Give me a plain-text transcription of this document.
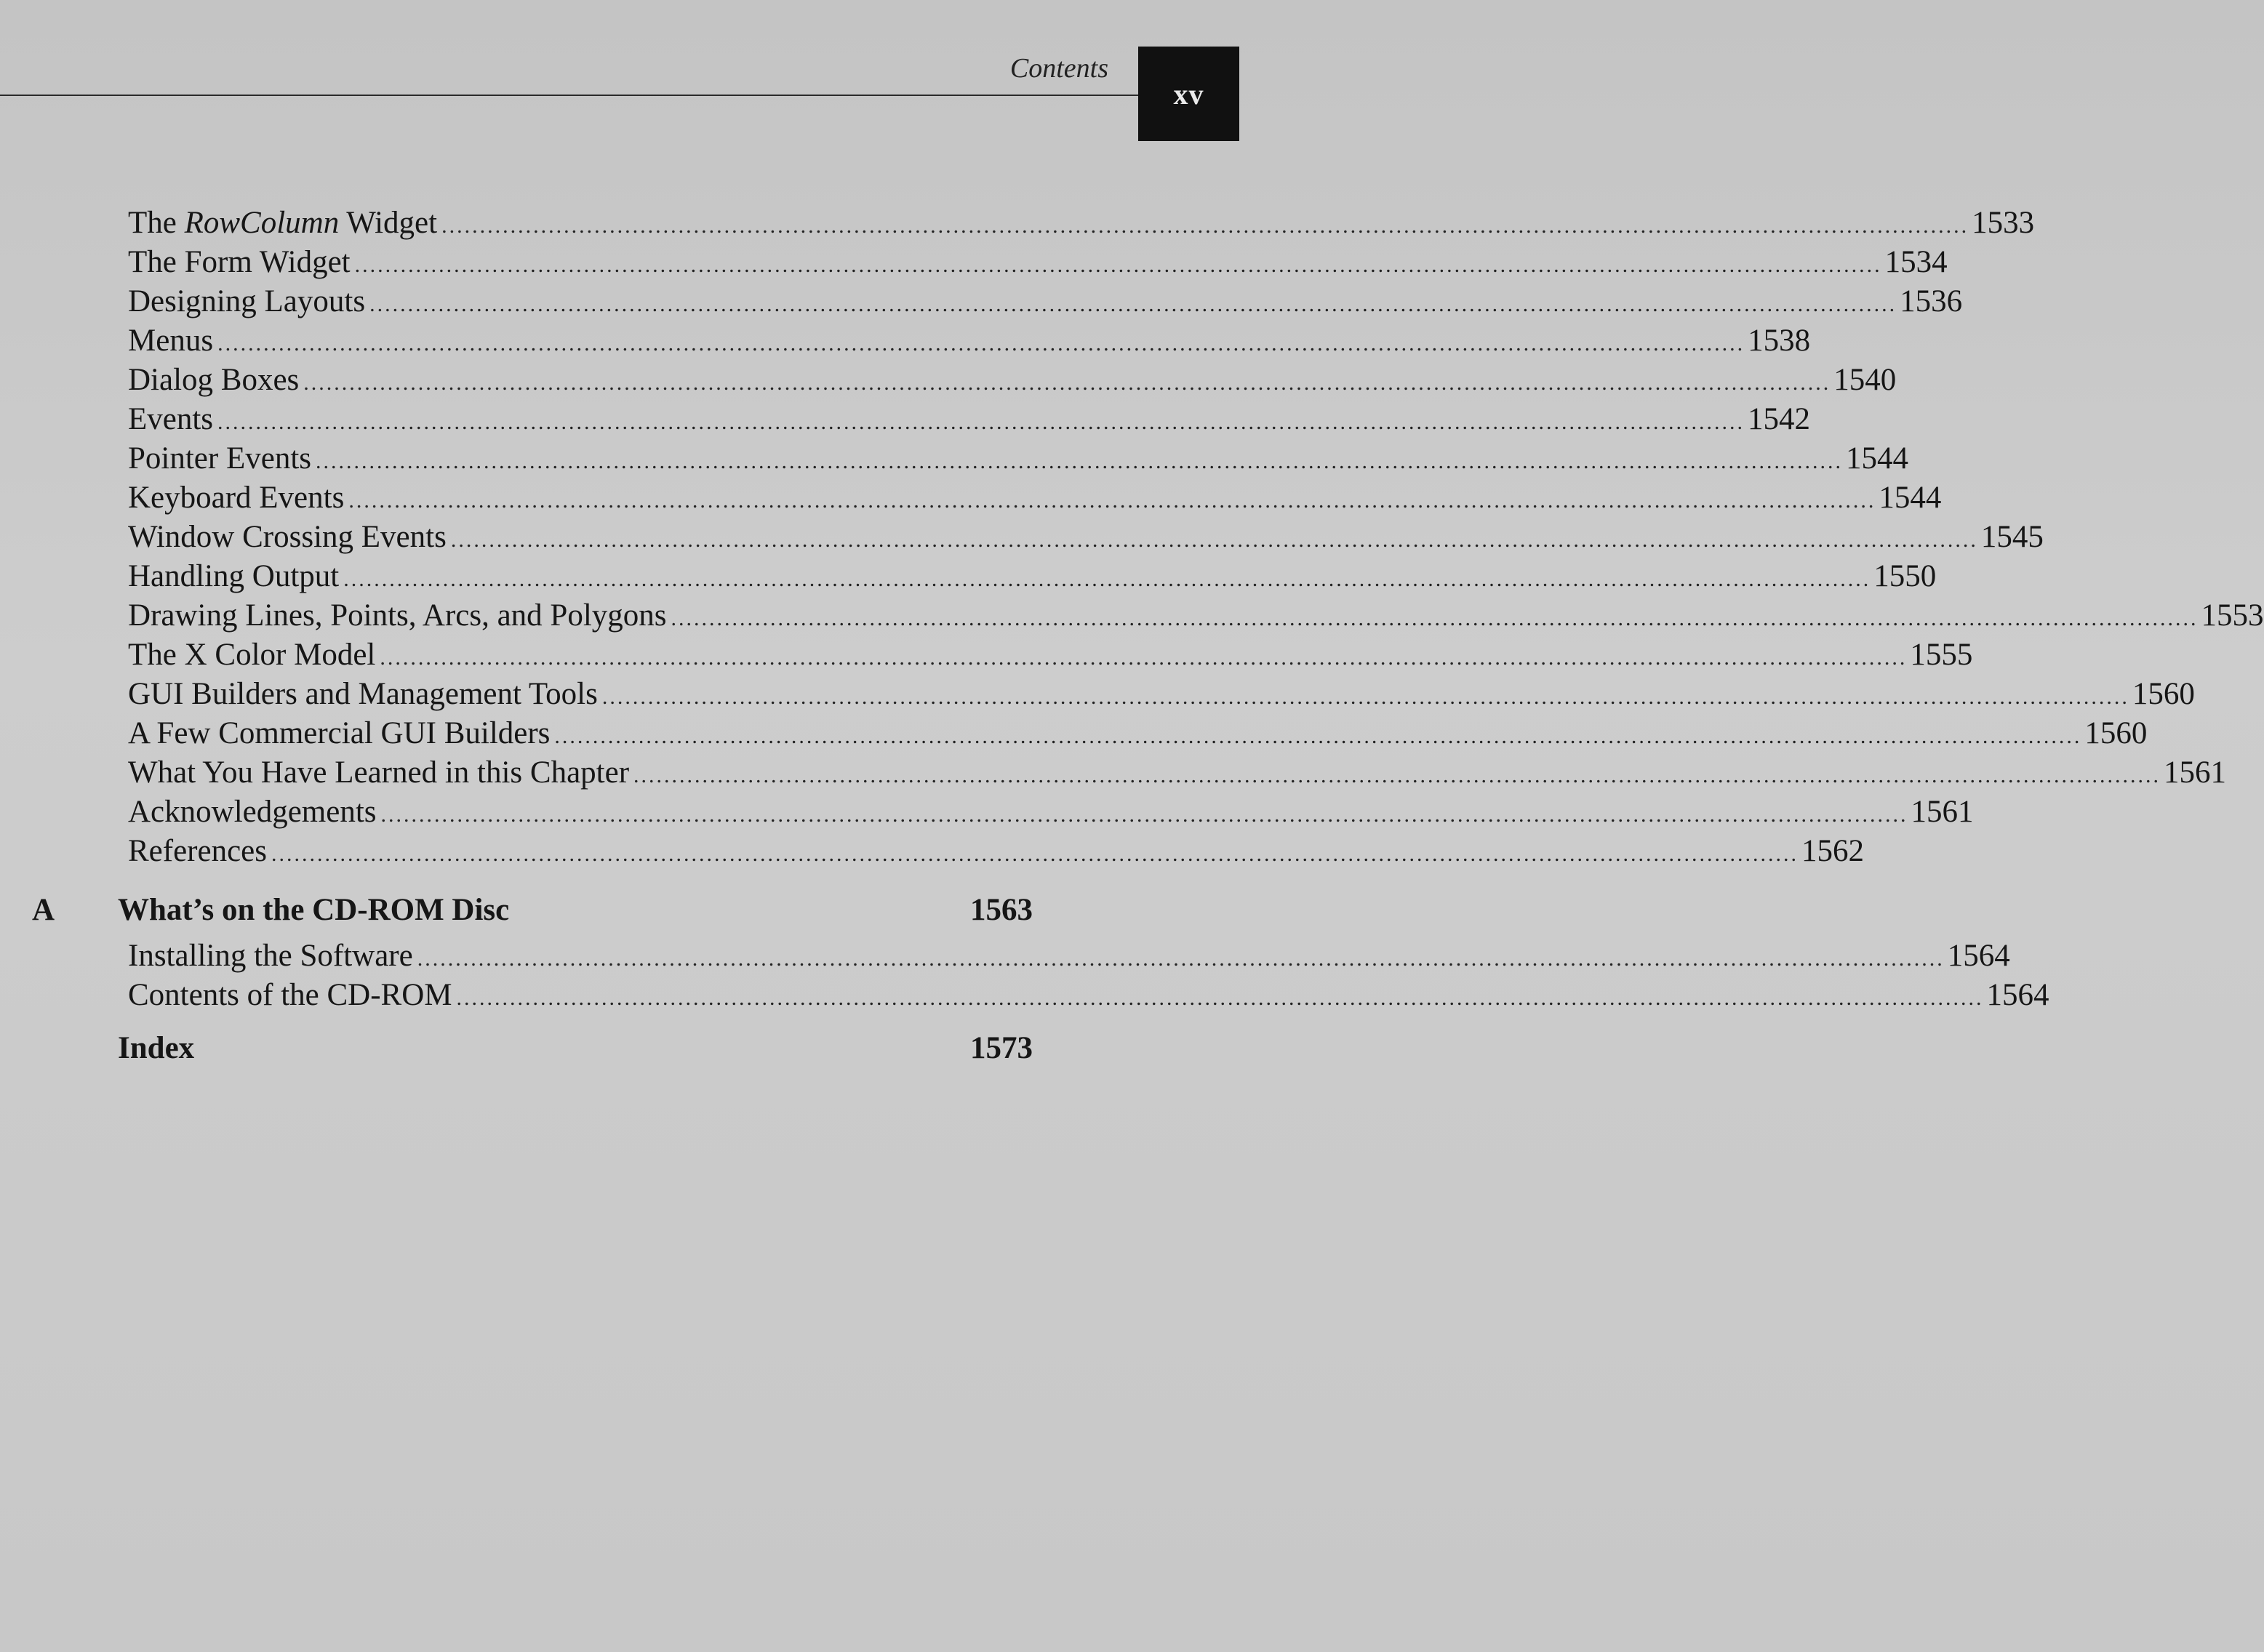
Contents
xv
The RowColumn Widget ........................................................................................................................................................................................................ 1533
The Form Widget ........................................................................................................................................................................................................ 1534
Designing Layouts ........................................................................................................................................................................................................ 1536
Menus ........................................................................................................................................................................................................ 1538
Dialog Boxes ........................................................................................................................................................................................................ 1540
Events ........................................................................................................................................................................................................ 1542
Pointer Events ........................................................................................................................................................................................................ 1544
Keyboard Events ........................................................................................................................................................................................................ 1544
Window Crossing Events ........................................................................................................................................................................................................ 1545
Handling Output ........................................................................................................................................................................................................ 1550
Drawing Lines, Points, Arcs, and Polygons ........................................................................................................................................................................................................ 1553
The X Color Model ........................................................................................................................................................................................................ 1555
GUI Builders and Management Tools ........................................................................................................................................................................................................ 1560
A Few Commercial GUI Builders ........................................................................................................................................................................................................ 1560
What You Have Learned in this Chapter ........................................................................................................................................................................................................ 1561
Acknowledgements ........................................................................................................................................................................................................ 1561
References ........................................................................................................................................................................................................ 1562
A What’s on the CD-ROM Disc	1563
Installing the Software ........................................................................................................................................................................................................ 1564
Contents of the CD-ROM ........................................................................................................................................................................................................ 1564
Index	1573
